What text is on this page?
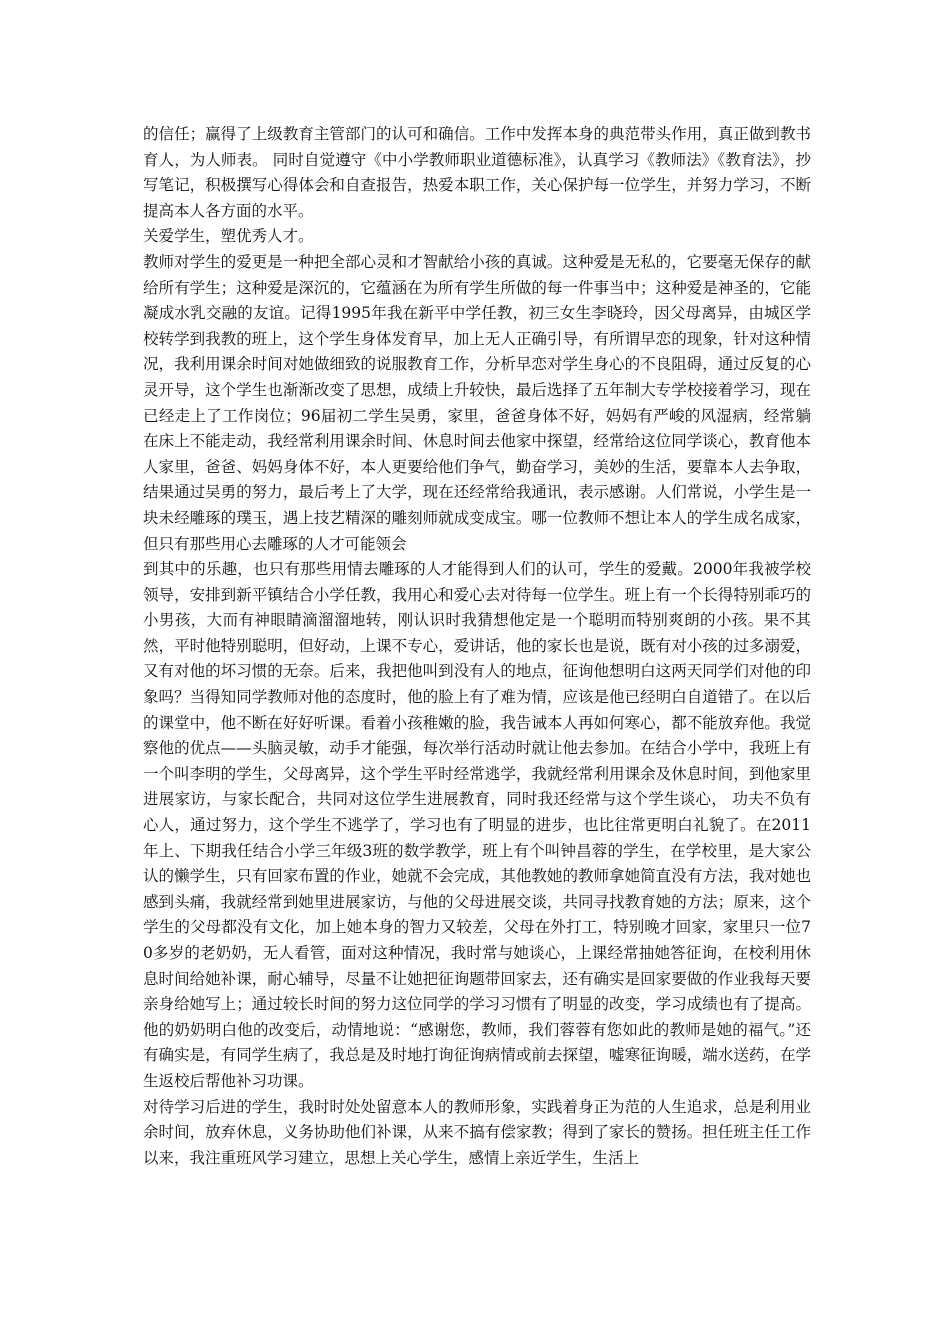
的信任；赢得了上级教育主管部门的认可和确信。工作中发挥本身的典范带头作用，真正做到教书育人，为人师表。 同时自觉遵守《中小学教师职业道德标准》，认真学习《教师法》《教育法》，抄写笔记，积极撰写心得体会和自查报告，热爱本职工作，关心保护每一位学生，并努力学习，不断提高本人各方面的水平。

关爱学生，塑优秀人才。

教师对学生的爱更是一种把全部心灵和才智献给小孩的真诚。这种爱是无私的，它要毫无保存的献给所有学生；这种爱是深沉的，它蕴涵在为所有学生所做的每一件事当中；这种爱是神圣的，它能凝成水乳交融的友谊。记得1995年我在新平中学任教，初三女生李晓玲，因父母离异，由城区学校转学到我教的班上，这个学生身体发育早，加上无人正确引导，有所谓早恋的现象，针对这种情况，我利用课余时间对她做细致的说服教育工作，分析早恋对学生身心的不良阻碍，通过反复的心灵开导，这个学生也渐渐改变了思想，成绩上升较快，最后选择了五年制大专学校接着学习，现在已经走上了工作岗位；96届初二学生吴勇，家里，爸爸身体不好，妈妈有严峻的风湿病，经常躺在床上不能走动，我经常利用课余时间、休息时间去他家中探望，经常给这位同学谈心，教育他本人家里，爸爸、妈妈身体不好，本人更要给他们争气，勤奋学习，美妙的生活，要靠本人去争取，结果通过吴勇的努力，最后考上了大学，现在还经常给我通讯，表示感谢。人们常说，小学生是一块未经雕琢的璞玉，遇上技艺精深的雕刻师就成变成宝。哪一位教师不想让本人的学生成名成家，但只有那些用心去雕琢的人才可能领会

到其中的乐趣，也只有那些用情去雕琢的人才能得到人们的认可，学生的爱戴。2000年我被学校领导，安排到新平镇结合小学任教，我用心和爱心去对待每一位学生。班上有一个长得特别乖巧的小男孩，大而有神眼睛滴溜溜地转，刚认识时我猜想他定是一个聪明而特别爽朗的小孩。果不其然，平时他特别聪明，但好动，上课不专心，爱讲话，他的家长也是说，既有对小孩的过多溺爱，又有对他的坏习惯的无奈。后来，我把他叫到没有人的地点，征询他想明白这两天同学们对他的印象吗？当得知同学教师对他的态度时，他的脸上有了难为情，应该是他已经明白自道错了。在以后的课堂中，他不断在好好听课。看着小孩稚嫩的脸，我告诫本人再如何寒心，都不能放弃他。我觉察他的优点——头脑灵敏，动手才能强，每次举行活动时就让他去参加。在结合小学中，我班上有一个叫李明的学生，父母离异，这个学生平时经常逃学，我就经常利用课余及休息时间，到他家里进展家访，与家长配合，共同对这位学生进展教育，同时我还经常与这个学生谈心， 功夫不负有心人，通过努力，这个学生不逃学了，学习也有了明显的进步，也比往常更明白礼貌了。在2011年上、下期我任结合小学三年级3班的数学教学，班上有个叫钟昌蓉的学生，在学校里，是大家公认的懒学生，只有回家布置的作业，她就不会完成，其他教她的教师拿她简直没有方法，我对她也感到头痛，我就经常到她里进展家访，与他的父母进展交谈，共同寻找教育她的方法；原来，这个学生的父母都没有文化，加上她本身的智力又较差，父母在外打工，特别晚才回家，家里只一位70多岁的老奶奶，无人看管，面对这种情况，我时常与她谈心，上课经常抽她答征询，在校利用休息时间给她补课，耐心辅导，尽量不让她把征询题带回家去，还有确实是回家要做的作业我每天要亲身给她写上；通过较长时间的努力这位同学的学习习惯有了明显的改变，学习成绩也有了提高。他的奶奶明白他的改变后，动情地说：“感谢您，教师，我们蓉蓉有您如此的教师是她的福气。”还有确实是，有同学生病了，我总是及时地打询征询病情或前去探望，嘘寒征询暖，端水送药，在学生返校后帮他补习功课。

对待学习后进的学生，我时时处处留意本人的教师形象，实践着身正为范的人生追求，总是利用业余时间，放弃休息，义务协助他们补课，从来不搞有偿家教；得到了家长的赞扬。担任班主任工作以来，我注重班风学习建立，思想上关心学生，感情上亲近学生，生活上
